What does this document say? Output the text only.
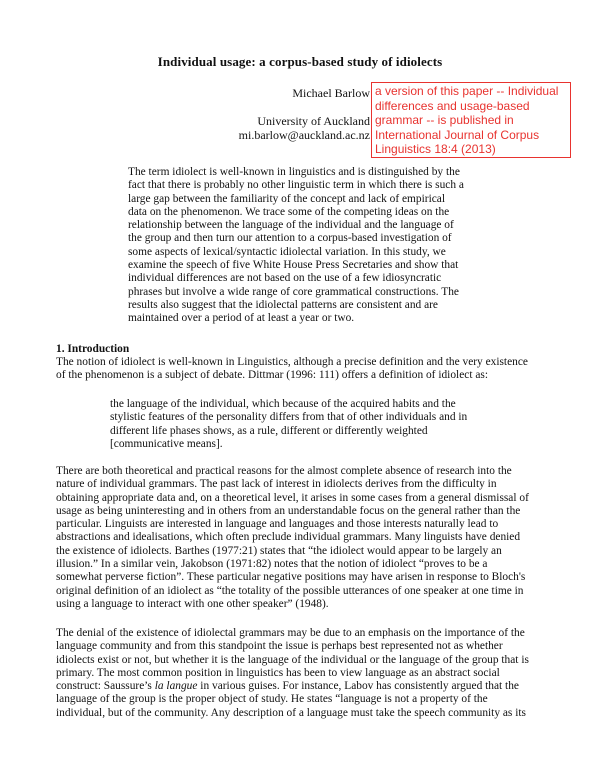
Individual usage: a corpus-based study of idiolects
Michael Barlow
University of Auckland
mi.barlow@auckland.ac.nz
a version of this paper -- Individual
differences and usage-based
grammar -- is published in
International Journal of Corpus
Linguistics 18:4 (2013)
The term idiolect is well-known in linguistics and is distinguished by the
fact that there is probably no other linguistic term in which there is such a
large gap between the familiarity of the concept and lack of empirical
data on the phenomenon. We trace some of the competing ideas on the
relationship between the language of the individual and the language of
the group and then turn our attention to a corpus-based investigation of
some aspects of lexical/syntactic idiolectal variation. In this study, we
examine the speech of five White House Press Secretaries and show that
individual differences are not based on the use of a few idiosyncratic
phrases but involve a wide range of core grammatical constructions. The
results also suggest that the idiolectal patterns are consistent and are
maintained over a period of at least a year or two.
1. Introduction
The notion of idiolect is well-known in Linguistics, although a precise definition and the very existence
of the phenomenon is a subject of debate. Dittmar (1996: 111) offers a definition of idiolect as:
the language of the individual, which because of the acquired habits and the
stylistic features of the personality differs from that of other individuals and in
different life phases shows, as a rule, different or differently weighted
[communicative means].
There are both theoretical and practical reasons for the almost complete absence of research into the
nature of individual grammars. The past lack of interest in idiolects derives from the difficulty in
obtaining appropriate data and, on a theoretical level, it arises in some cases from a general dismissal of
usage as being uninteresting and in others from an understandable focus on the general rather than the
particular. Linguists are interested in language and languages and those interests naturally lead to
abstractions and idealisations, which often preclude individual grammars. Many linguists have denied
the existence of idiolects. Barthes (1977:21) states that “the idiolect would appear to be largely an
illusion.” In a similar vein, Jakobson (1971:82) notes that the notion of idiolect “proves to be a
somewhat perverse fiction”. These particular negative positions may have arisen in response to Bloch's
original definition of an idiolect as “the totality of the possible utterances of one speaker at one time in
using a language to interact with one other speaker” (1948).
The denial of the existence of idiolectal grammars may be due to an emphasis on the importance of the
language community and from this standpoint the issue is perhaps best represented not as whether
idiolects exist or not, but whether it is the language of the individual or the language of the group that is
primary. The most common position in linguistics has been to view language as an abstract social
construct: Saussure’s la langue in various guises. For instance, Labov has consistently argued that the
language of the group is the proper object of study. He states “language is not a property of the
individual, but of the community. Any description of a language must take the speech community as its
